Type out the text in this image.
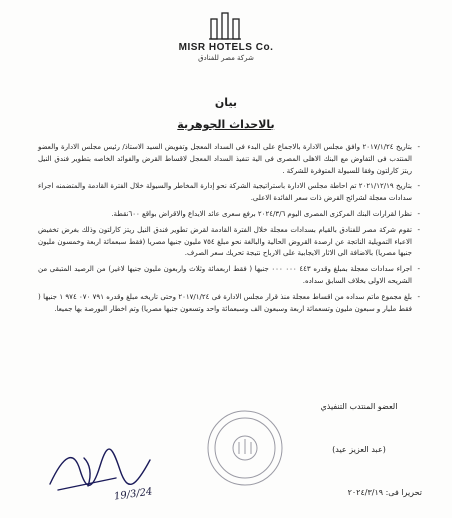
MISR HOTELS Co.
شركة مصر للفنادق
بيان
بالاحداث الجوهرية
- بتاريخ ٢٠١٧/١/٢٤ وافق مجلس الادارة بالاجماع على البدء فى السداد المعجل وتفويض السيد الاستاذ/ رئيس مجلس الادارة والعضو المنتدب فى التفاوض مع البنك الاهلى المصرى فى الية تنفيذ السداد المعجل لاقساط القرض والفوائد الخاصه بتطوير فندق النيل ريتز كارلتون وفقا للسيولة المتوفرة للشركة .
- بتاريخ ٢٠٢١/١٢/١٩ تم احاطة مجلس الادارة باستراتيجية الشركة نحو إدارة المخاطر والسيولة خلال الفترة القادمة والمتضمنه اجراء سدادات معجلة لشرائح القرض ذات سعر الفائدة الاعلى.
- نظرا لقرارات البنك المركزى المصرى اليوم ٢٠٢٤/٣/٦ برفع سعرى عائد الايداع والاقراض بواقع ٦٠٠نقطة.
- تقوم شركة مصر للفنادق بالقيام بسدادات معجلة خلال الفترة القادمة لقرض تطوير فندق النيل ريتز كارلتون وذلك بغرض تخفيض الاعباء التمويلية الناتجة عن ارصدة القروض الحالية والبالغة نحو مبلغ ٧٥٤ مليون جنيها مصريا (فقط سبعمائة اربعة وخمسون مليون جنيها مصريا) بالاضافة الى الاثار الايجابية على الارباح نتيجة تحريك سعر الصرف.
- اجراء سدادات معجلة بمبلغ وقدره ٤٤٣ ٠٠٠ ٠٠٠ جنيها ( فقط اربعمائة وثلاث واربعون مليون جنيها لاغير) من الرصيد المتبقى من الشريحه الاولى بخلاف السابق سداده.
- بلغ مجموع ماتم سداده من اقساط معجلة منذ قرار مجلس الادارة فى ٢٠١٧/١/٢٤ وحتى تاريخه مبلغ وقدره ٧٩١ ٠٧٠ ٩٧٤ ١ جنيها ( فقط مليار و سبعون مليون وتسعمائة اربعة وسبعون الف وسبعمائة واحد وتسعون جنيها مصريا) وتم اخطار البورصة بها جميعا.
العضو المنتدب التنفيذي
(عبد العزيز عيد)
تحريرا فى: ٢٠٢٤/٣/١٩
19/3/24
